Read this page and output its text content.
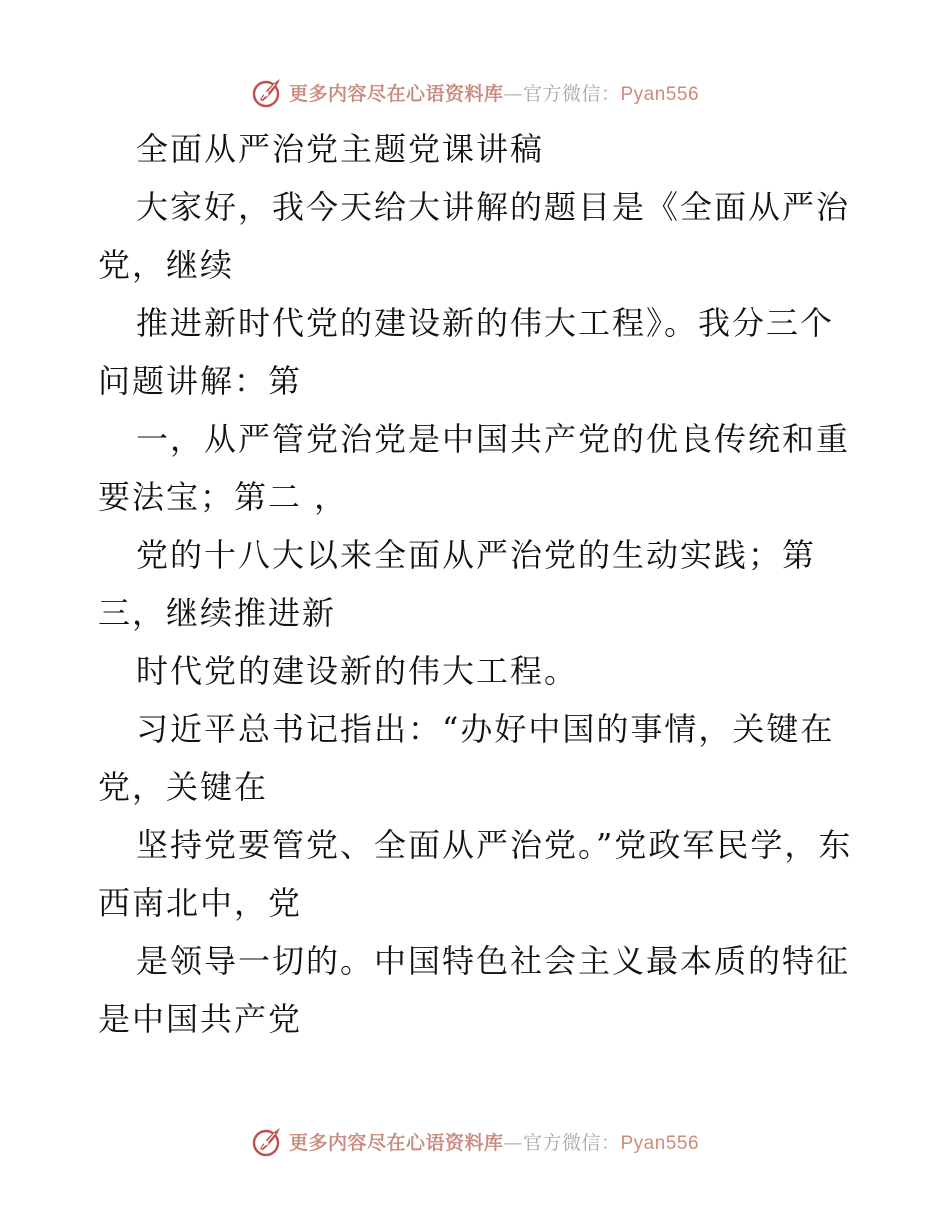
更多内容尽在心语资料库—官方微信：Pyan556

全面从严治党主题党课讲稿

大家好，我今天给大讲解的题目是《全面从严治党，继续

推进新时代党的建设新的伟大工程》。我分三个问题讲解：第

一，从严管党治党是中国共产党的优良传统和重要法宝；第二 ，

党的十八大以来全面从严治党的生动实践；第三，继续推进新

时代党的建设新的伟大工程。

习近平总书记指出：“办好中国的事情，关键在党，关键在

坚持党要管党、全面从严治党。”党政军民学，东西南北中，党

是领导一切的。中国特色社会主义最本质的特征是中国共产党

更多内容尽在心语资料库—官方微信：Pyan556
